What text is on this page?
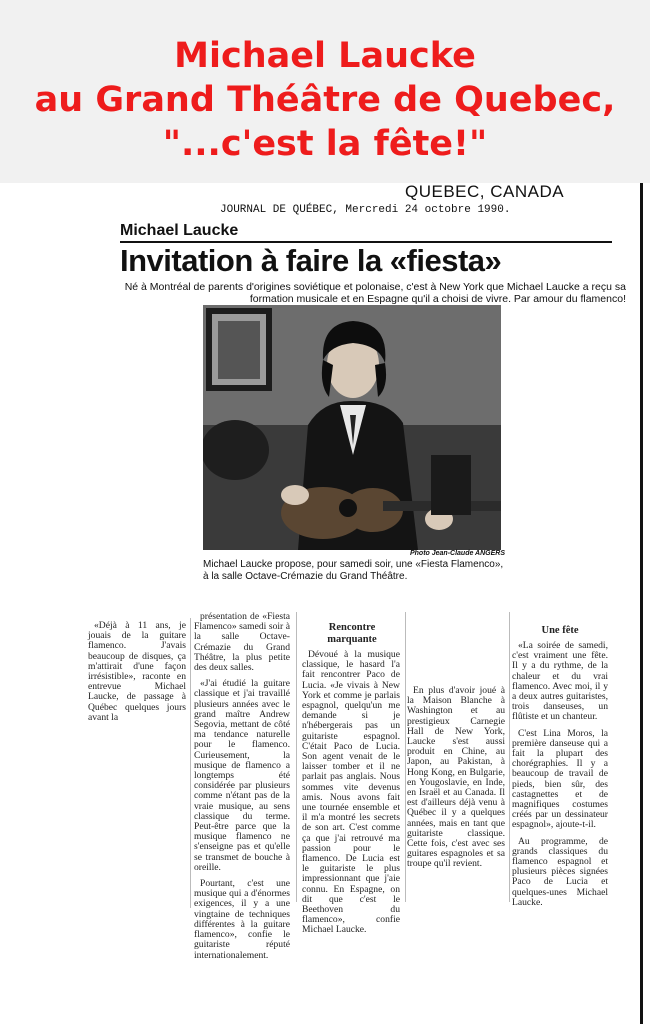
Michael Laucke
au Grand Théâtre de Quebec,
"...c'est la fête!"
QUEBEC, CANADA
JOURNAL DE QUÉBEC, Mercredi 24 octobre 1990.
Michael Laucke
Invitation à faire la «fiesta»
Né à Montréal de parents d'origines soviétique et polonaise, c'est à New York que Michael Laucke a reçu sa formation musicale et en Espagne qu'il a choisi de vivre. Par amour du flamenco!
Photo Jean-Claude ANGERS
Michael Laucke propose, pour samedi soir, une «Fiesta Flamenco», à la salle Octave-Crémazie du Grand Théâtre.

«Déjà à 11 ans, je jouais de la guitare flamenco. J'avais beaucoup de disques, ça m'attirait d'une façon irrésistible», raconte en entrevue Michael Laucke, de passage à Québec quelques jours avant la

présentation de «Fiesta Flamenco» samedi soir à la salle Octave-Crémazie du Grand Théâtre, la plus petite des deux salles.

«J'ai étudié la guitare classique et j'ai travaillé plusieurs années avec le grand maître Andrew Segovia, mettant de côté ma tendance naturelle pour le flamenco. Curieusement, la musique de flamenco a longtemps été considérée par plusieurs comme n'étant pas de la vraie musique, au sens classique du terme. Peut-être parce que la musique flamenco ne s'enseigne pas et qu'elle se transmet de bouche à oreille.

Pourtant, c'est une musique qui a d'énormes exigences, il y a une vingtaine de techniques différentes à la guitare flamenco», confie le guitariste réputé internationalement.

Rencontre marquante

Dévoué à la musique classique, le hasard l'a fait rencontrer Paco de Lucia. «Je vivais à New York et comme je parlais espagnol, quelqu'un me demande si je n'hébergerais pas un guitariste espagnol. C'était Paco de Lucia. Son agent venait de le laisser tomber et il ne parlait pas anglais. Nous sommes vite devenus amis. Nous avons fait une tournée ensemble et il m'a montré les secrets de son art. C'est comme ça que j'ai retrouvé ma passion pour le flamenco. De Lucia est le guitariste le plus impressionnant que j'aie connu. En Espagne, on dit que c'est le Beethoven du flamenco», confie Michael Laucke.

En plus d'avoir joué à la Maison Blanche à Washington et au prestigieux Carnegie Hall de New York, Laucke s'est aussi produit en Chine, au Japon, au Pakistan, à Hong Kong, en Bulgarie, en Yougoslavie, en Inde, en Israël et au Canada. Il est d'ailleurs déjà venu à Québec il y a quelques années, mais en tant que guitariste classique. Cette fois, c'est avec ses guitares espagnoles et sa troupe qu'il revient.

Une fête

«La soirée de samedi, c'est vraiment une fête. Il y a du rythme, de la chaleur et du vrai flamenco. Avec moi, il y a deux autres guitaristes, trois danseuses, un flûtiste et un chanteur.

C'est Lina Moros, la première danseuse qui a fait la plupart des chorégraphies. Il y a beaucoup de travail de pieds, bien sûr, des castagnettes et de magnifiques costumes créés par un dessinateur espagnol», ajoute-t-il.

Au programme, de grands classiques du flamenco espagnol et plusieurs pièces signées Paco de Lucia et quelques-unes Michael Laucke.
